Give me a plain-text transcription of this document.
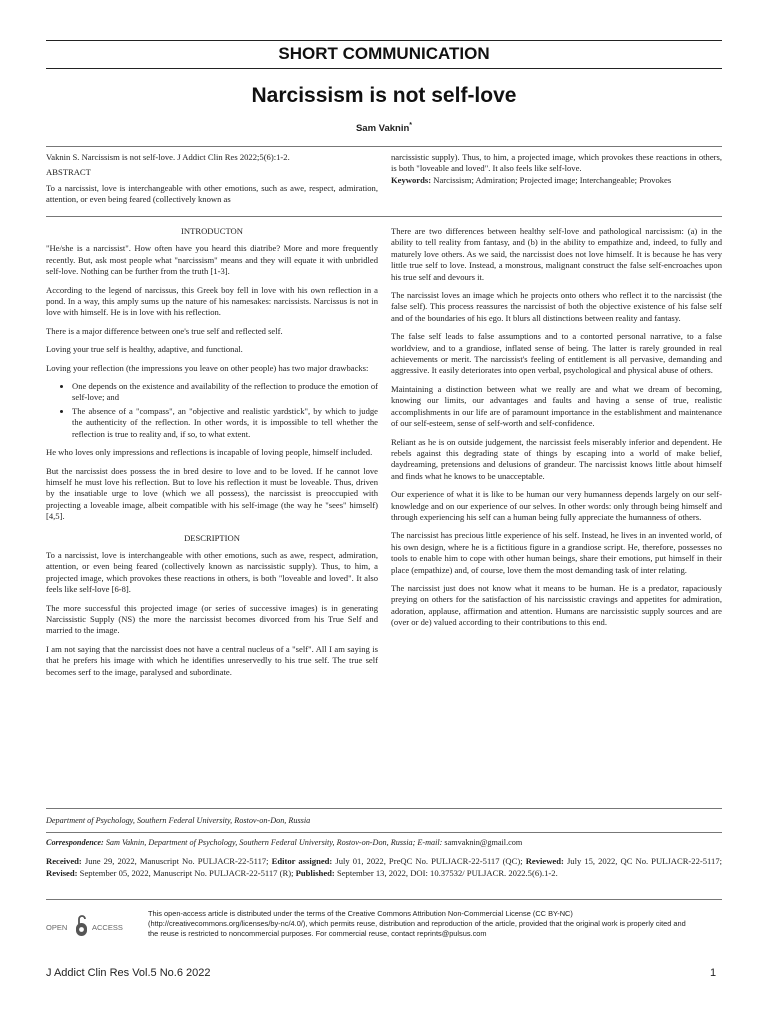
SHORT COMMUNICATION
Narcissism is not self-love
Sam Vaknin*

Vaknin S. Narcissism is not self-love. J Addict Clin Res 2022;5(6):1-2.

ABSTRACT

To a narcissist, love is interchangeable with other emotions, such as awe, respect, admiration, attention, or even being feared (collectively known as

narcissistic supply). Thus, to him, a projected image, which provokes these reactions in others, is both "loveable and loved". It also feels like self-love.

Keywords: Narcissism; Admiration; Projected image; Interchangeable; Provokes

INTRODUCTON

"He/she is a narcissist". How often have you heard this diatribe? More and more frequently recently. But, ask most people what "narcissism" means and they will equate it with unbridled self-love. Nothing can be further from the truth [1-3].

According to the legend of narcissus, this Greek boy fell in love with his own reflection in a pond. In a way, this amply sums up the nature of his namesakes: narcissists. Narcissus is not in love with himself. He is in love with his reflection.

There is a major difference between one's true self and reflected self.

Loving your true self is healthy, adaptive, and functional.

Loving your reflection (the impressions you leave on other people) has two major drawbacks:

• One depends on the existence and availability of the reflection to produce the emotion of self-love; and
• The absence of a "compass", an "objective and realistic yardstick", by which to judge the authenticity of the reflection. In other words, it is impossible to tell whether the reflection is true to reality and, if so, to what extent.

He who loves only impressions and reflections is incapable of loving people, himself included.

But the narcissist does possess the in bred desire to love and to be loved. If he cannot love himself he must love his reflection. But to love his reflection it must be loveable. Thus, driven by the insatiable urge to love (which we all possess), the narcissist is preoccupied with projecting a loveable image, albeit compatible with his self-image (the way he "sees" himself) [4,5].

DESCRIPTION

To a narcissist, love is interchangeable with other emotions, such as awe, respect, admiration, attention, or even being feared (collectively known as narcissistic supply). Thus, to him, a projected image, which provokes these reactions in others, is both "loveable and loved". It also feels like self-love [6-8].

The more successful this projected image (or series of successive images) is in generating Narcissistic Supply (NS) the more the narcissist becomes divorced from his True Self and married to the image.

I am not saying that the narcissist does not have a central nucleus of a "self". All I am saying is that he prefers his image with which he identifies unreservedly to his true self. The true self becomes serf to the image, paralysed and subordinate.

There are two differences between healthy self-love and pathological narcissism: (a) in the ability to tell reality from fantasy, and (b) in the ability to empathize and, indeed, to fully and maturely love others. As we said, the narcissist does not love himself. It is because he has very little true self to love. Instead, a monstrous, malignant construct the false self-encroaches upon his true self and devours it.

The narcissist loves an image which he projects onto others who reflect it to the narcissist (the false self). This process reassures the narcissist of both the objective existence of his false self and of the boundaries of his ego. It blurs all distinctions between reality and fantasy.

The false self leads to false assumptions and to a contorted personal narrative, to a false worldview, and to a grandiose, inflated sense of being. The latter is rarely grounded in real achievements or merit. The narcissist's feeling of entitlement is all pervasive, demanding and aggressive. It easily deteriorates into open verbal, psychological and physical abuse of others.

Maintaining a distinction between what we really are and what we dream of becoming, knowing our limits, our advantages and faults and having a sense of true, realistic accomplishments in our life are of paramount importance in the establishment and maintenance of our self-esteem, sense of self-worth and self-confidence.

Reliant as he is on outside judgement, the narcissist feels miserably inferior and dependent. He rebels against this degrading state of things by escaping into a world of make belief, daydreaming, pretensions and delusions of grandeur. The narcissist knows little about himself and finds what he knows to be unacceptable.

Our experience of what it is like to be human our very humanness depends largely on our self-knowledge and on our experience of our selves. In other words: only through being himself and through experiencing his self can a human being fully appreciate the humanness of others.

The narcissist has precious little experience of his self. Instead, he lives in an invented world, of his own design, where he is a fictitious figure in a grandiose script. He, therefore, possesses no tools to enable him to cope with other human beings, share their emotions, put himself in their place (empathize) and, of course, love them the most demanding task of inter relating.

The narcissist just does not know what it means to be human. He is a predator, rapaciously preying on others for the satisfaction of his narcissistic cravings and appetites for admiration, adoration, applause, affirmation and attention. Humans are narcissistic supply sources and are (over or de) valued according to their contributions to this end.

Department of Psychology, Southern Federal University, Rostov-on-Don, Russia
Correspondence: Sam Vaknin, Department of Psychology, Southern Federal University, Rostov-on-Don, Russia; E-mail: samvaknin@gmail.com
Received: June 29, 2022, Manuscript No. PULJACR-22-5117; Editor assigned: July 01, 2022, PreQC No. PULJACR-22-5117 (QC); Reviewed: July 15, 2022, QC No. PULJACR-22-5117; Revised: September 05, 2022, Manuscript No. PULJACR-22-5117 (R); Published: September 13, 2022, DOI: 10.37532/ PULJACR. 2022.5(6).1-2.
OPEN	ACCESS
This open-access article is distributed under the terms of the Creative Commons Attribution Non-Commercial License (CC BY-NC) (http://creativecommons.org/licenses/by-nc/4.0/), which permits reuse, distribution and reproduction of the article, provided that the original work is properly cited and the reuse is restricted to noncommercial purposes. For commercial reuse, contact reprints@pulsus.com
J Addict Clin Res Vol.5 No.6 2022	1
